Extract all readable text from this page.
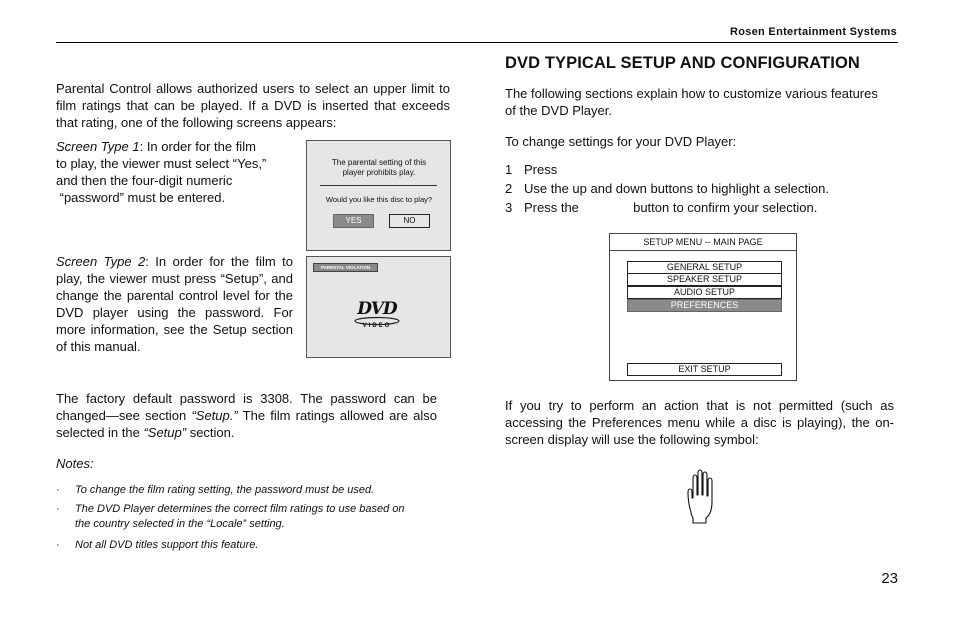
Rosen Entertainment Systems

Parental Control allows authorized users to select an upper limit to film ratings that can be played. If a DVD is inserted that exceeds that rating, one of the following screens appears:

Screen Type 1: In order for the film
to play, the viewer must select “Yes,”
and then the four-digit numeric
“password” must be entered.
The parental setting of this player prohibits play.
Would you like this disc to play?
YES	NO

Screen Type 2: In order for the film to play, the viewer must press “Setup”, and change the parental control level for the DVD player using the password. For more information, see the Setup section of this manual.

PARENTAL VIOLATION
DVD
VIDEO

The factory default password is 3308. The password can be changed—see section “Setup.” The film ratings allowed are also selected in the “Setup” section.

Notes:
· To change the film rating setting, the password must be used.
· The DVD Player determines the correct film ratings to use based on the country selected in the “Locale” setting.
· Not all DVD titles support this feature.
DVD TYPICAL SETUP AND CONFIGURATION

The following sections explain how to customize various features of the DVD Player.

To change settings for your DVD Player:

1 Press
2 Use the up and down buttons to highlight a selection.
3 Press the               button to confirm your selection.
SETUP MENU -- MAIN PAGE
GENERAL SETUP
SPEAKER SETUP
AUDIO SETUP
PREFERENCES
EXIT SETUP

If you try to perform an action that is not permitted (such as accessing the Preferences menu while a disc is playing), the on-screen display will use the following symbol:

23
